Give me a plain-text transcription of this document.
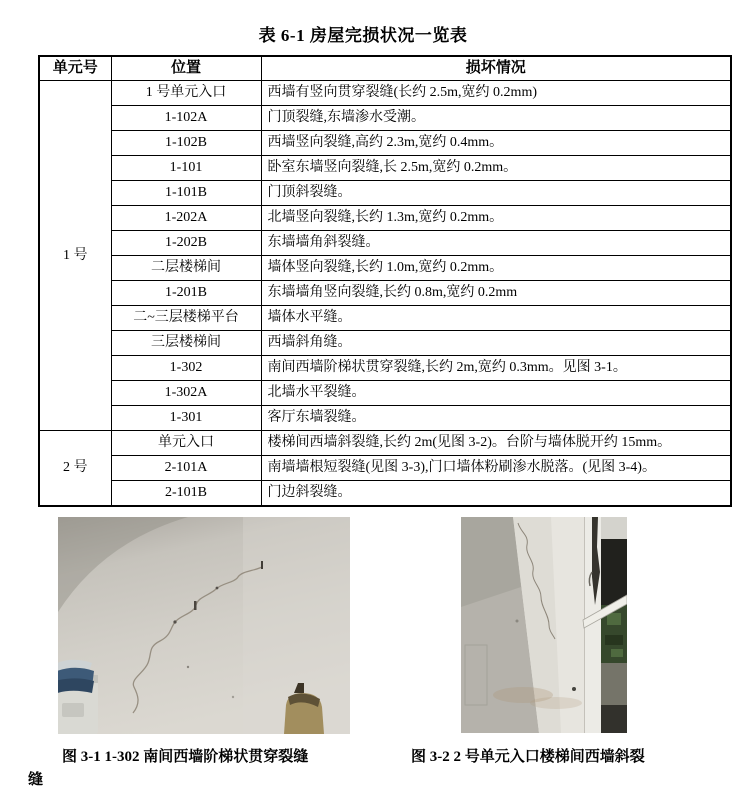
表 6-1 房屋完损状况一览表
单元号	位置	损坏情况
1 号	1 号单元入口	西墙有竖向贯穿裂缝(长约 2.5m,宽约 0.2mm)
	1-102A	门顶裂缝,东墙渗水受潮。
	1-102B	西墙竖向裂缝,高约 2.3m,宽约 0.4mm。
	1-101	卧室东墙竖向裂缝,长 2.5m,宽约 0.2mm。
	1-101B	门顶斜裂缝。
	1-202A	北墙竖向裂缝,长约 1.3m,宽约 0.2mm。
	1-202B	东墙墙角斜裂缝。
	二层楼梯间	墙体竖向裂缝,长约 1.0m,宽约 0.2mm。
	1-201B	东墙墙角竖向裂缝,长约 0.8m,宽约 0.2mm
	二~三层楼梯平台	墙体水平缝。
	三层楼梯间	西墙斜角缝。
	1-302	南间西墙阶梯状贯穿裂缝,长约 2m,宽约 0.3mm。见图 3-1。
	1-302A	北墙水平裂缝。
	1-301	客厅东墙裂缝。
2 号	单元入口	楼梯间西墙斜裂缝,长约 2m(见图 3-2)。台阶与墙体脱开约 15mm。
	2-101A	南墙墙根短裂缝(见图 3-3),门口墙体粉刷渗水脱落。(见图 3-4)。
	2-101B	门边斜裂缝。
图 3-1 1-302 南间西墙阶梯状贯穿裂缝	图 3-2 2 号单元入口楼梯间西墙斜裂
缝
